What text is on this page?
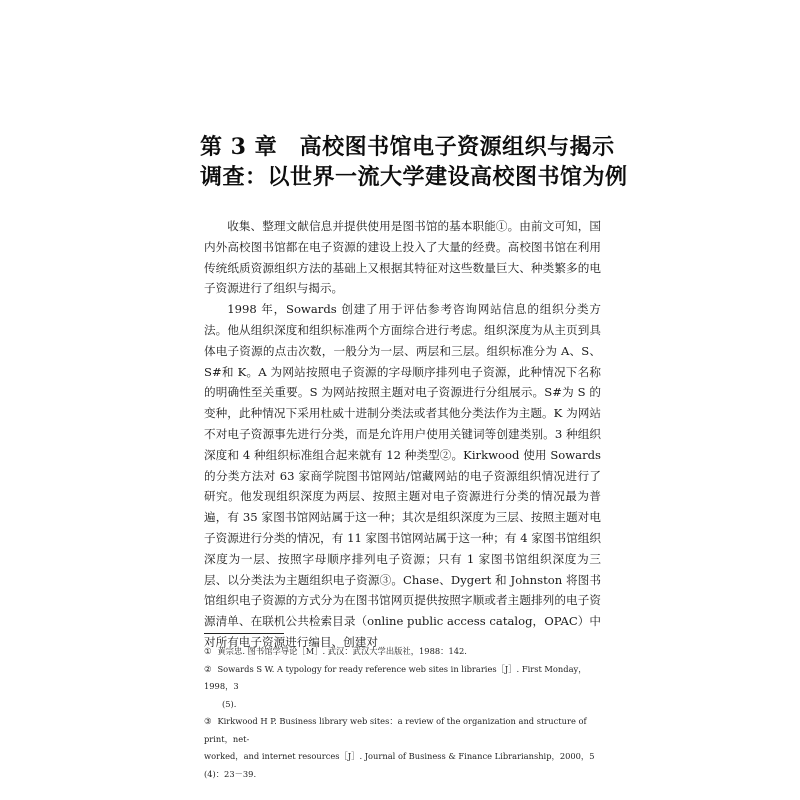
第 3 章　高校图书馆电子资源组织与揭示
调查：以世界一流大学建设高校图书馆为例

收集、整理文献信息并提供使用是图书馆的基本职能①。由前文可知，国内外高校图书馆都在电子资源的建设上投入了大量的经费。高校图书馆在利用传统纸质资源组织方法的基础上又根据其特征对这些数量巨大、种类繁多的电子资源进行了组织与揭示。

1998 年，Sowards 创建了用于评估参考咨询网站信息的组织分类方法。他从组织深度和组织标准两个方面综合进行考虑。组织深度为从主页到具体电子资源的点击次数，一般分为一层、两层和三层。组织标准分为 A、S、S#和 K。A 为网站按照电子资源的字母顺序排列电子资源，此种情况下名称的明确性至关重要。S 为网站按照主题对电子资源进行分组展示。S#为 S 的变种，此种情况下采用杜威十进制分类法或者其他分类法作为主题。K 为网站不对电子资源事先进行分类，而是允许用户使用关键词等创建类别。3 种组织深度和 4 种组织标准组合起来就有 12 种类型②。Kirkwood 使用 Sowards 的分类方法对 63 家商学院图书馆网站/馆藏网站的电子资源组织情况进行了研究。他发现组织深度为两层、按照主题对电子资源进行分类的情况最为普遍，有 35 家图书馆网站属于这一种；其次是组织深度为三层、按照主题对电子资源进行分类的情况，有 11 家图书馆网站属于这一种；有 4 家图书馆组织深度为一层、按照字母顺序排列电子资源；只有 1 家图书馆组织深度为三层、以分类法为主题组织电子资源③。Chase、Dygert 和 Johnston 将图书馆组织电子资源的方式分为在图书馆网页提供按照字顺或者主题排列的电子资源清单、在联机公共检索目录（online public access catalog，OPAC）中对所有电子资源进行编目、创建对

① 黄宗忠. 图书馆学导论［M］. 武汉：武汉大学出版社，1988：142.
② Sowards S W. A typology for ready reference web sites in libraries［J］. First Monday，1998，3
(5).
③ Kirkwood H P. Business library web sites：a review of the organization and structure of print，net-
worked，and internet resources［J］. Journal of Business & Finance Librarianship，2000，5 (4)：23－39.
